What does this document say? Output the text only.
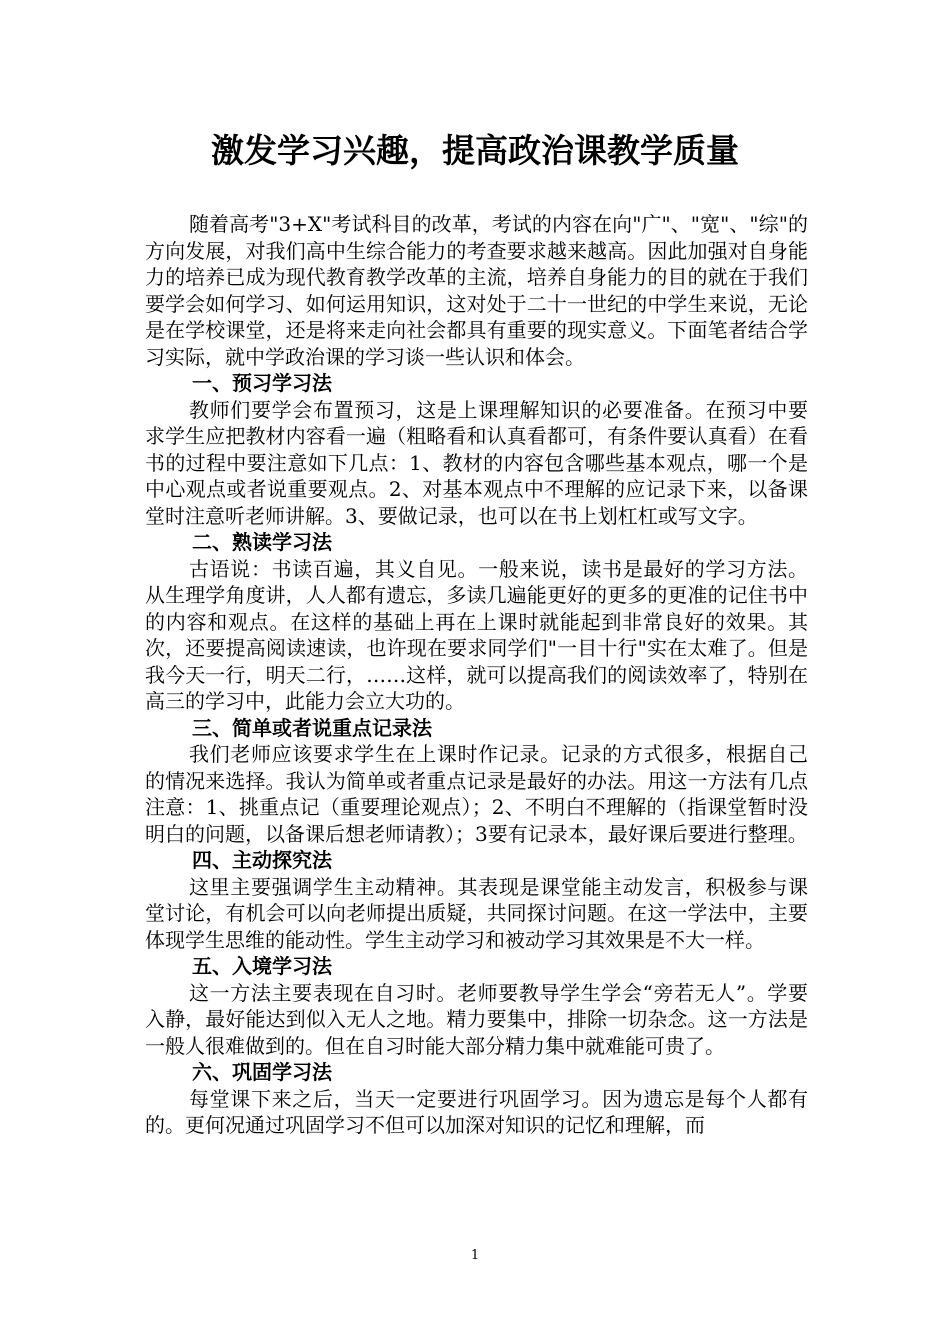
激发学习兴趣，提高政治课教学质量

随着高考"3+X"考试科目的改革，考试的内容在向"广"、"宽"、"综"的方向发展，对我们高中生综合能力的考查要求越来越高。因此加强对自身能力的培养已成为现代教育教学改革的主流，培养自身能力的目的就在于我们要学会如何学习、如何运用知识，这对处于二十一世纪的中学生来说，无论是在学校课堂，还是将来走向社会都具有重要的现实意义。下面笔者结合学习实际，就中学政治课的学习谈一些认识和体会。

一、预习学习法

教师们要学会布置预习，这是上课理解知识的必要准备。在预习中要求学生应把教材内容看一遍（粗略看和认真看都可，有条件要认真看）在看书的过程中要注意如下几点：1、教材的内容包含哪些基本观点，哪一个是中心观点或者说重要观点。2、对基本观点中不理解的应记录下来，以备课堂时注意听老师讲解。3、要做记录，也可以在书上划杠杠或写文字。

二、熟读学习法

古语说：书读百遍，其义自见。一般来说，读书是最好的学习方法。从生理学角度讲，人人都有遗忘，多读几遍能更好的更多的更准的记住书中的内容和观点。在这样的基础上再在上课时就能起到非常良好的效果。其次，还要提高阅读速读，也许现在要求同学们"一目十行"实在太难了。但是我今天一行，明天二行，……这样，就可以提高我们的阅读效率了，特别在高三的学习中，此能力会立大功的。

三、简单或者说重点记录法

我们老师应该要求学生在上课时作记录。记录的方式很多，根据自己的情况来选择。我认为简单或者重点记录是最好的办法。用这一方法有几点注意：1、挑重点记（重要理论观点）；2、不明白不理解的（指课堂暂时没明白的问题，以备课后想老师请教）；3要有记录本，最好课后要进行整理。

四、主动探究法

这里主要强调学生主动精神。其表现是课堂能主动发言，积极参与课堂讨论，有机会可以向老师提出质疑，共同探讨问题。在这一学法中，主要体现学生思维的能动性。学生主动学习和被动学习其效果是不大一样。

五、入境学习法

这一方法主要表现在自习时。老师要教导学生学会“旁若无人”。学要入静，最好能达到似入无人之地。精力要集中，排除一切杂念。这一方法是一般人很难做到的。但在自习时能大部分精力集中就难能可贵了。

六、巩固学习法

每堂课下来之后，当天一定要进行巩固学习。因为遗忘是每个人都有的。更何况通过巩固学习不但可以加深对知识的记忆和理解，而

1
